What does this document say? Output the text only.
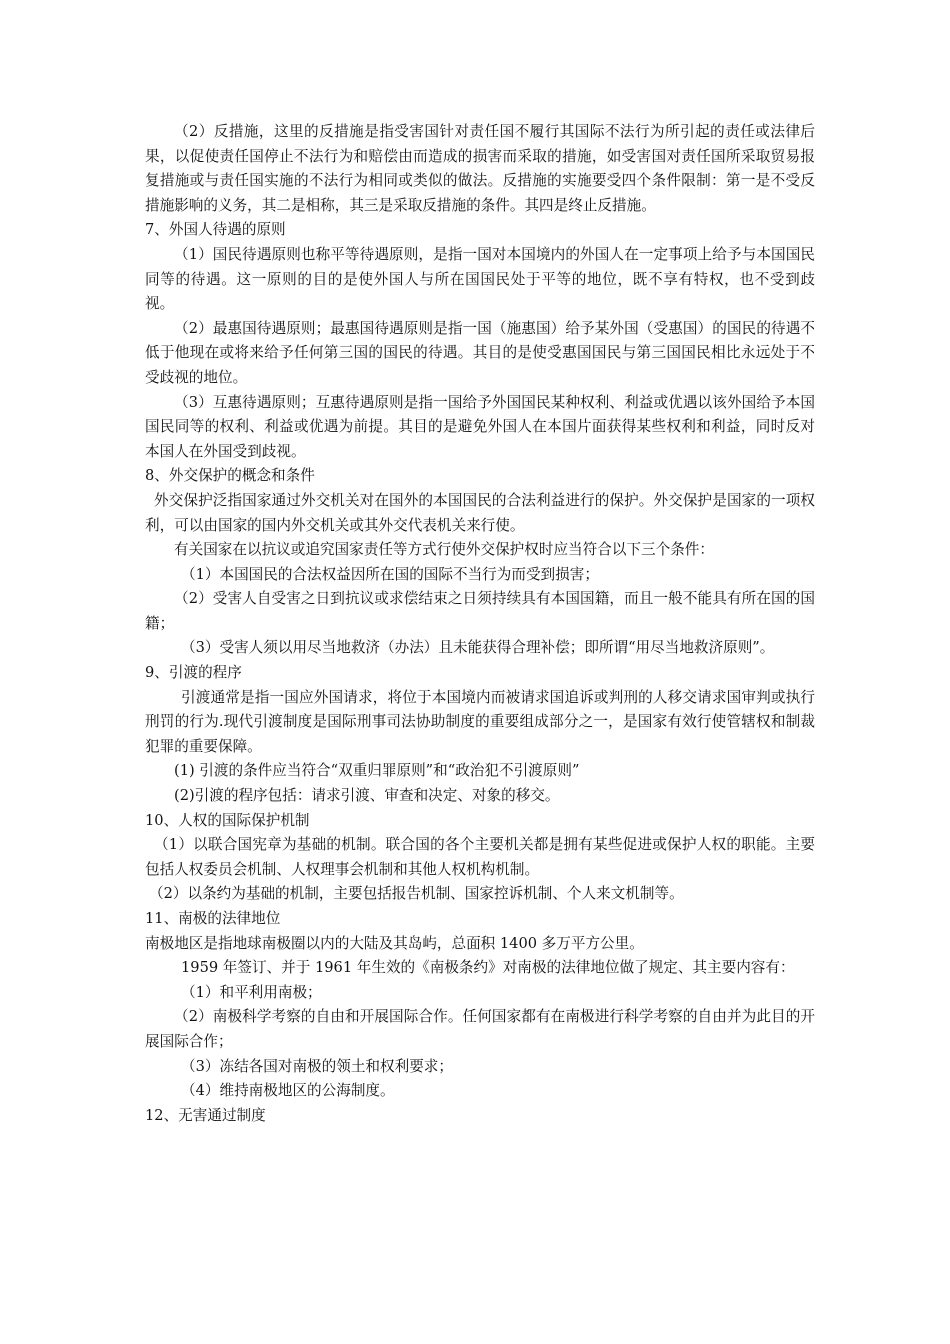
（2）反措施，这里的反措施是指受害国针对责任国不履行其国际不法行为所引起的责任或法律后果，以促使责任国停止不法行为和赔偿由而造成的损害而采取的措施，如受害国对责任国所采取贸易报复措施或与责任国实施的不法行为相同或类似的做法。反措施的实施要受四个条件限制：第一是不受反措施影响的义务，其二是相称，其三是采取反措施的条件。其四是终止反措施。

7、外国人待遇的原则

（1）国民待遇原则也称平等待遇原则，是指一国对本国境内的外国人在一定事项上给予与本国国民同等的待遇。这一原则的目的是使外国人与所在国国民处于平等的地位，既不享有特权，也不受到歧视。

（2）最惠国待遇原则；最惠国待遇原则是指一国（施惠国）给予某外国（受惠国）的国民的待遇不低于他现在或将来给予任何第三国的国民的待遇。其目的是使受惠国国民与第三国国民相比永远处于不受歧视的地位。

（3）互惠待遇原则；互惠待遇原则是指一国给予外国国民某种权利、利益或优遇以该外国给予本国国民同等的权利、利益或优遇为前提。其目的是避免外国人在本国片面获得某些权利和利益，同时反对本国人在外国受到歧视。

8、外交保护的概念和条件

外交保护泛指国家通过外交机关对在国外的本国国民的合法利益进行的保护。外交保护是国家的一项权利，可以由国家的国内外交机关或其外交代表机关来行使。

有关国家在以抗议或追究国家责任等方式行使外交保护权时应当符合以下三个条件：

（1）本国国民的合法权益因所在国的国际不当行为而受到损害；

（2）受害人自受害之日到抗议或求偿结束之日须持续具有本国国籍，而且一般不能具有所在国的国籍；

（3）受害人须以用尽当地救济（办法）且未能获得合理补偿；即所谓“用尽当地救济原则”。

9、引渡的程序

引渡通常是指一国应外国请求，将位于本国境内而被请求国追诉或判刑的人移交请求国审判或执行刑罚的行为.现代引渡制度是国际刑事司法协助制度的重要组成部分之一，是国家有效行使管辖权和制裁犯罪的重要保障。

(1) 引渡的条件应当符合“双重归罪原则”和“政治犯不引渡原则”

(2)引渡的程序包括：请求引渡、审查和决定、对象的移交。

10、人权的国际保护机制

（1）以联合国宪章为基础的机制。联合国的各个主要机关都是拥有某些促进或保护人权的职能。主要包括人权委员会机制、人权理事会机制和其他人权机构机制。

（2）以条约为基础的机制，主要包括报告机制、国家控诉机制、个人来文机制等。

11、南极的法律地位

南极地区是指地球南极圈以内的大陆及其岛屿，总面积 1400 多万平方公里。

1959 年签订、并于 1961 年生效的《南极条约》对南极的法律地位做了规定、其主要内容有：

（1）和平利用南极；

（2）南极科学考察的自由和开展国际合作。任何国家都有在南极进行科学考察的自由并为此目的开展国际合作；

（3）冻结各国对南极的领土和权利要求；

（4）维持南极地区的公海制度。

12、无害通过制度
